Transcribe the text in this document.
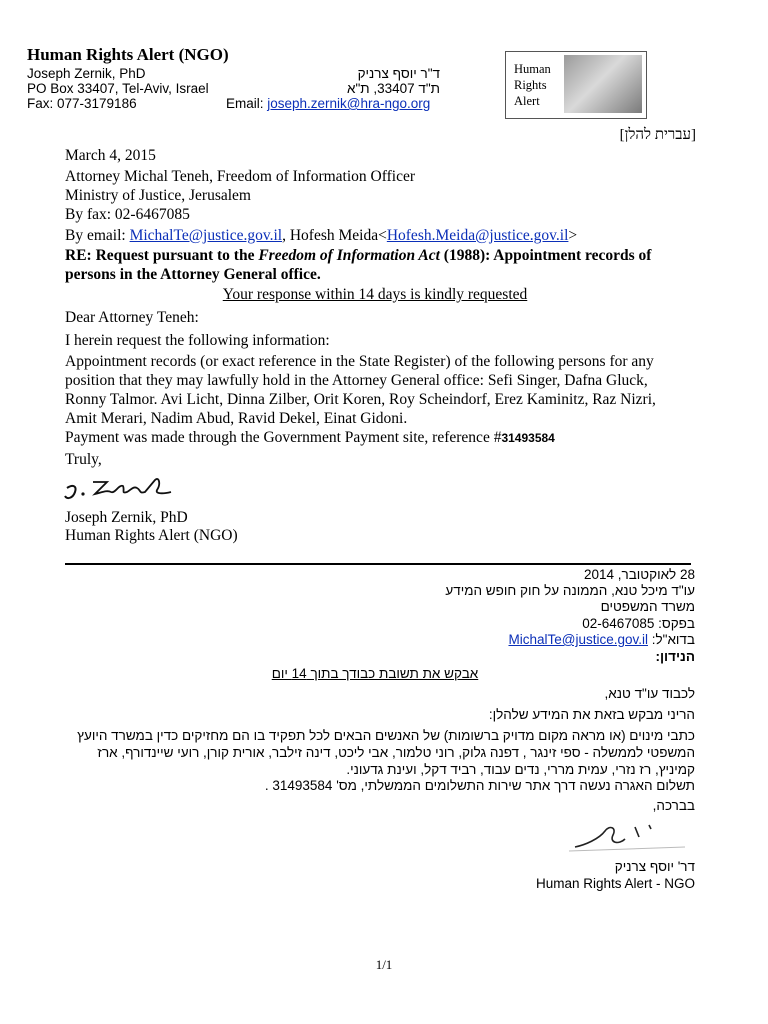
Human Rights Alert (NGO)
Joseph Zernik, PhD
PO Box 33407, Tel-Aviv, Israel
Fax: 077-3179186	Email: joseph.zernik@hra-ngo.org
ד"ר יוסף צרניק
ת"ד 33407, ת"א
Human
Rights
Alert
[עברית להלן]
March 4, 2015
Attorney Michal Teneh, Freedom of Information Officer
Ministry of Justice, Jerusalem
By fax: 02-6467085
By email: MichalTe@justice.gov.il, Hofesh Meida<Hofesh.Meida@justice.gov.il>
RE: Request pursuant to the Freedom of Information Act (1988): Appointment records of persons in the Attorney General office.
Your response within 14 days is kindly requested
Dear Attorney Teneh:
I herein request the following information:
Appointment records (or exact reference in the State Register) of the following persons for any position that they may lawfully hold in the Attorney General office: Sefi Singer, Dafna Gluck, Ronny Talmor. Avi Licht, Dinna Zilber, Orit Koren, Roy Scheindorf, Erez Kaminitz, Raz Nizri, Amit Merari, Nadim Abud, Ravid Dekel, Einat Gidoni.
Payment was made through the Government Payment site, reference #31493584
Truly,
Joseph Zernik, PhD
Human Rights Alert (NGO)
28 לאוקטובר, 2014
עו"ד מיכל טנא, הממונה על חוק חופש המידע
משרד המשפטים
בפקס: 02-6467085
בדוא"ל: MichalTe@justice.gov.il
הנידון:
אבקש את תשובת כבודך בתוך 14 יום
לכבוד עו"ד טנא,
הריני מבקש בזאת את המידע שלהלן:
כתבי מינוים (או מראה מקום מדויק ברשומות) של האנשים הבאים לכל תפקיד בו הם מחזיקים כדין במשרד היועץ המשפטי לממשלה - ספי זינגר , דפנה גלוק, רוני טלמור, אבי ליכט, דינה זילבר, אורית קורן, רועי שיינדורף, ארז קמיניץ, רז נזרי, עמית מררי, נדים עבוד, רביד דקל, ועינת גדעוני.
תשלום האגרה נעשה דרך אתר שירות התשלומים הממשלתי, מס' 31493584 .
בברכה,
דר' יוסף צרניק
Human Rights Alert - NGO
1/1
